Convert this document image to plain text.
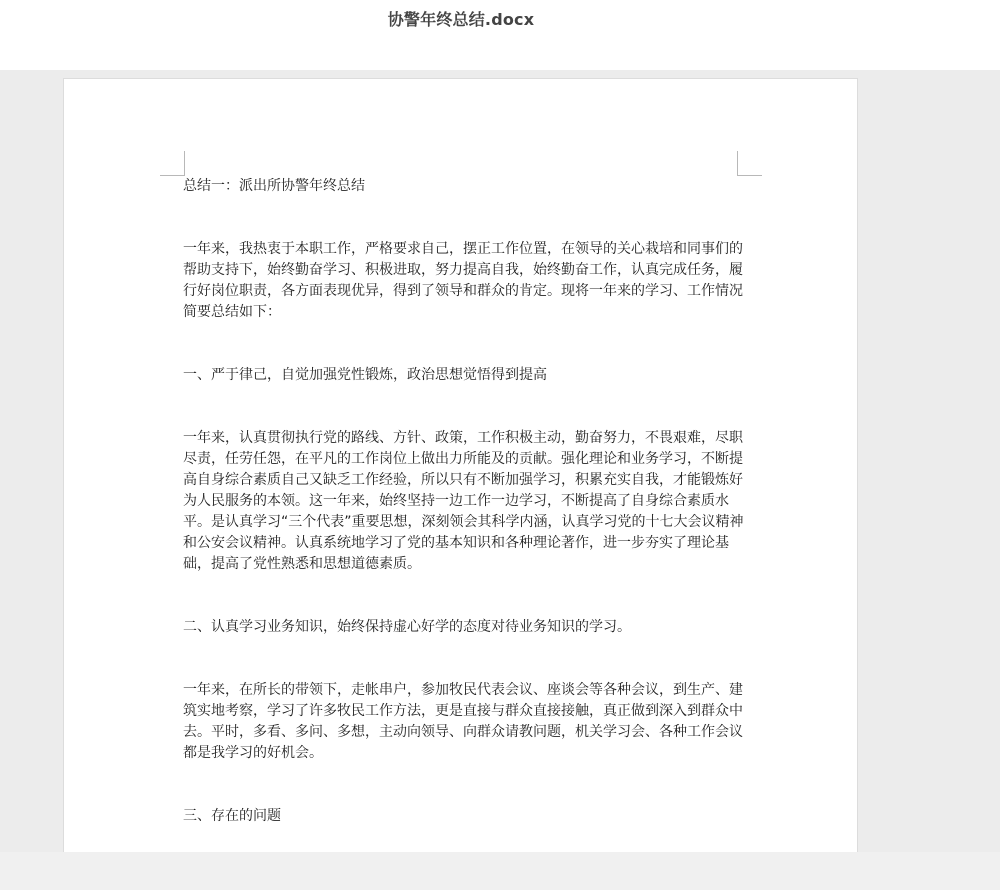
协警年终总结.docx

总结一：派出所协警年终总结

一年来，我热衷于本职工作，严格要求自己，摆正工作位置，在领导的关心栽培和同事们的帮助支持下，始终勤奋学习、积极进取，努力提高自我，始终勤奋工作，认真完成任务，履行好岗位职责，各方面表现优异，得到了领导和群众的肯定。现将一年来的学习、工作情况简要总结如下：

一、严于律己，自觉加强党性锻炼，政治思想觉悟得到提高

一年来，认真贯彻执行党的路线、方针、政策，工作积极主动，勤奋努力，不畏艰难，尽职尽责，任劳任怨，在平凡的工作岗位上做出力所能及的贡献。强化理论和业务学习，不断提高自身综合素质自己又缺乏工作经验，所以只有不断加强学习，积累充实自我，才能锻炼好为人民服务的本领。这一年来，始终坚持一边工作一边学习，不断提高了自身综合素质水平。是认真学习“三个代表”重要思想，深刻领会其科学内涵，认真学习党的十七大会议精神和公安会议精神。认真系统地学习了党的基本知识和各种理论著作，进一步夯实了理论基础，提高了党性熟悉和思想道德素质。

二、认真学习业务知识，始终保持虚心好学的态度对待业务知识的学习。

一年来，在所长的带领下，走帐串户，参加牧民代表会议、座谈会等各种会议，到生产、建筑实地考察，学习了许多牧民工作方法，更是直接与群众直接接触，真正做到深入到群众中去。平时，多看、多问、多想，主动向领导、向群众请教问题，机关学习会、各种工作会议都是我学习的好机会。

三、存在的问题
